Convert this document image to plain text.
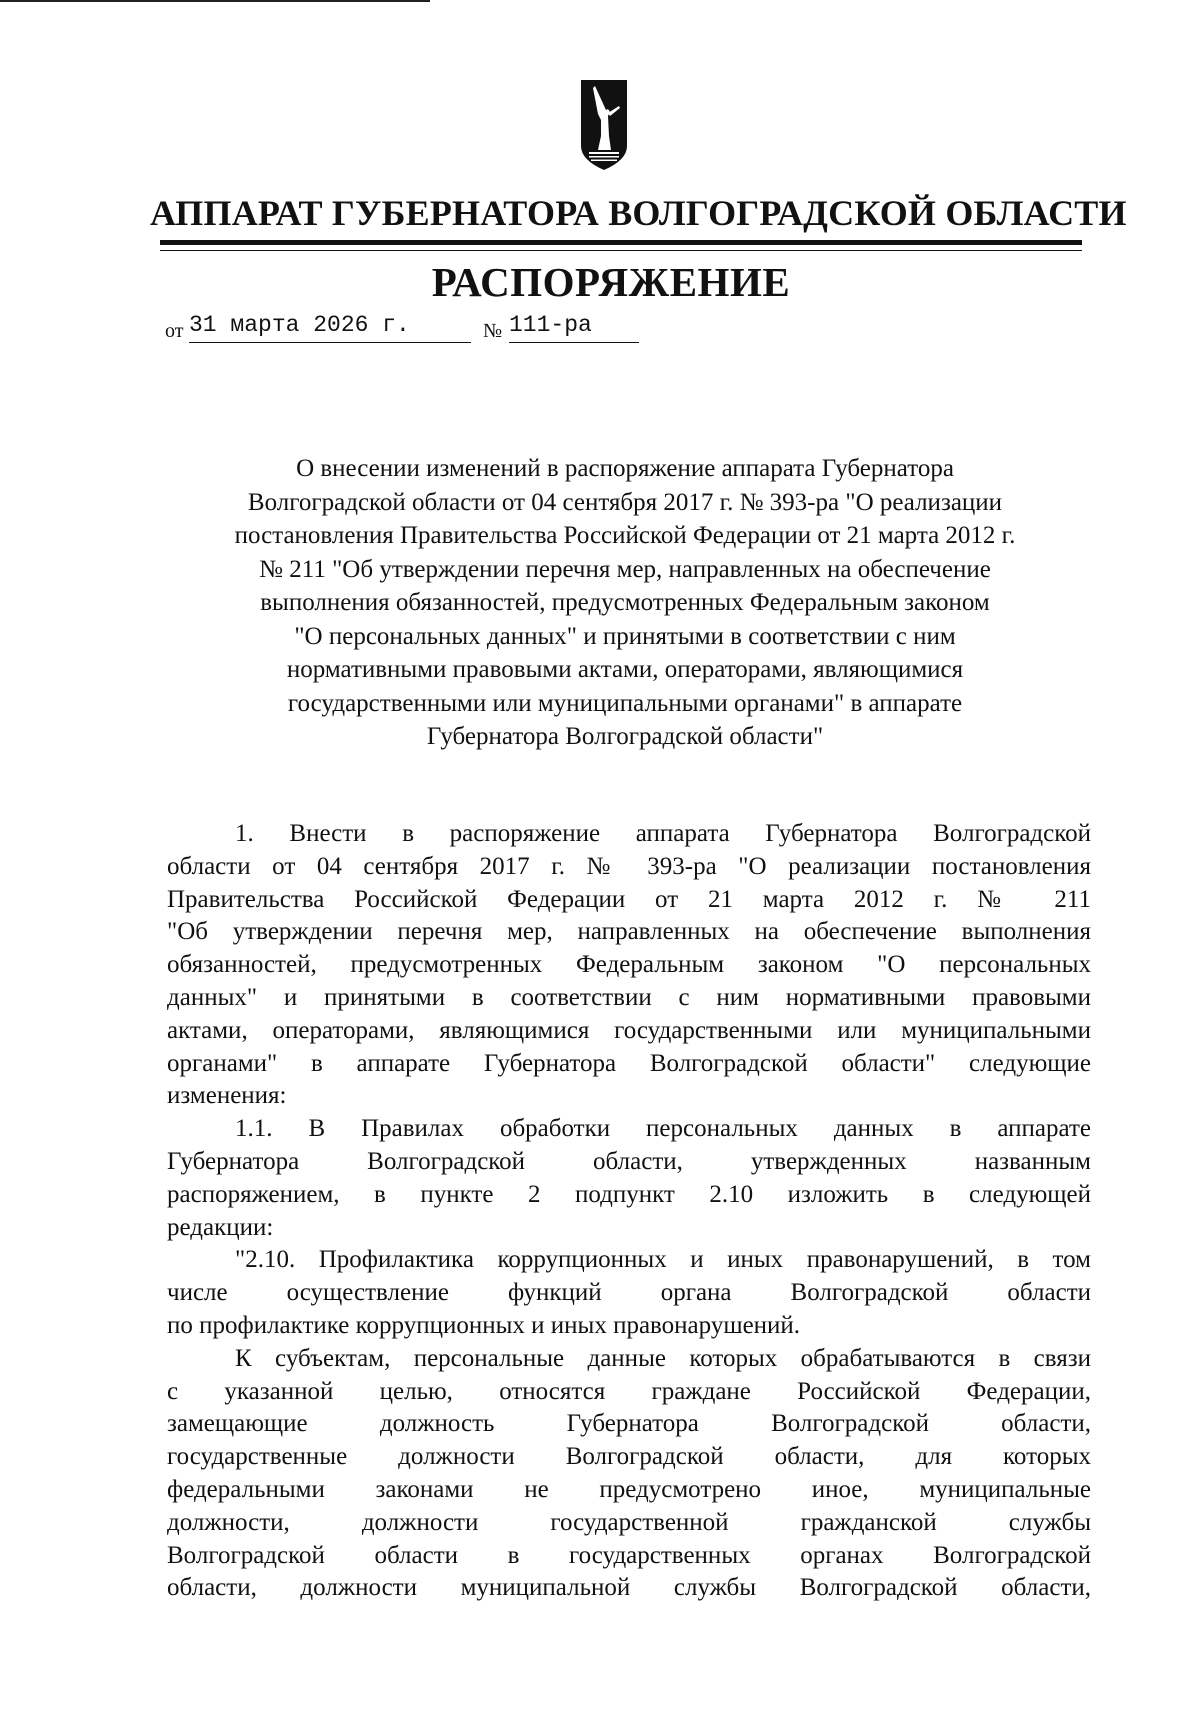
АППАРАТ ГУБЕРНАТОРА ВОЛГОГРАДСКОЙ ОБЛАСТИ
РАСПОРЯЖЕНИЕ
от 31 марта 2026 г.	№ 111-ра
О внесении изменений в распоряжение аппарата Губернатора
Волгоградской области от 04 сентября 2017 г. № 393-ра "О реализации
постановления Правительства Российской Федерации от 21 марта 2012 г.
№ 211 "Об утверждении перечня мер, направленных на обеспечение
выполнения обязанностей, предусмотренных Федеральным законом
"О персональных данных" и принятыми в соответствии с ним
нормативными правовыми актами, операторами, являющимися
государственными или муниципальными органами" в аппарате
Губернатора Волгоградской области"
1. Внести в распоряжение аппарата Губернатора Волгоградской
области от 04 сентября 2017 г. № 393-ра "О реализации постановления
Правительства Российской Федерации от 21 марта 2012 г. № 211
"Об утверждении перечня мер, направленных на обеспечение выполнения
обязанностей, предусмотренных Федеральным законом "О персональных
данных" и принятыми в соответствии с ним нормативными правовыми
актами, операторами, являющимися государственными или муниципальными
органами" в аппарате Губернатора Волгоградской области" следующие
изменения:
1.1. В Правилах обработки персональных данных в аппарате
Губернатора Волгоградской области, утвержденных названным
распоряжением, в пункте 2 подпункт 2.10 изложить в следующей
редакции:
"2.10. Профилактика коррупционных и иных правонарушений, в том
числе осуществление функций органа Волгоградской области
по профилактике коррупционных и иных правонарушений.
К субъектам, персональные данные которых обрабатываются в связи
с указанной целью, относятся граждане Российской Федерации,
замещающие должность Губернатора Волгоградской области,
государственные должности Волгоградской области, для которых
федеральными законами не предусмотрено иное, муниципальные
должности, должности государственной гражданской службы
Волгоградской области в государственных органах Волгоградской
области, должности муниципальной службы Волгоградской области,
